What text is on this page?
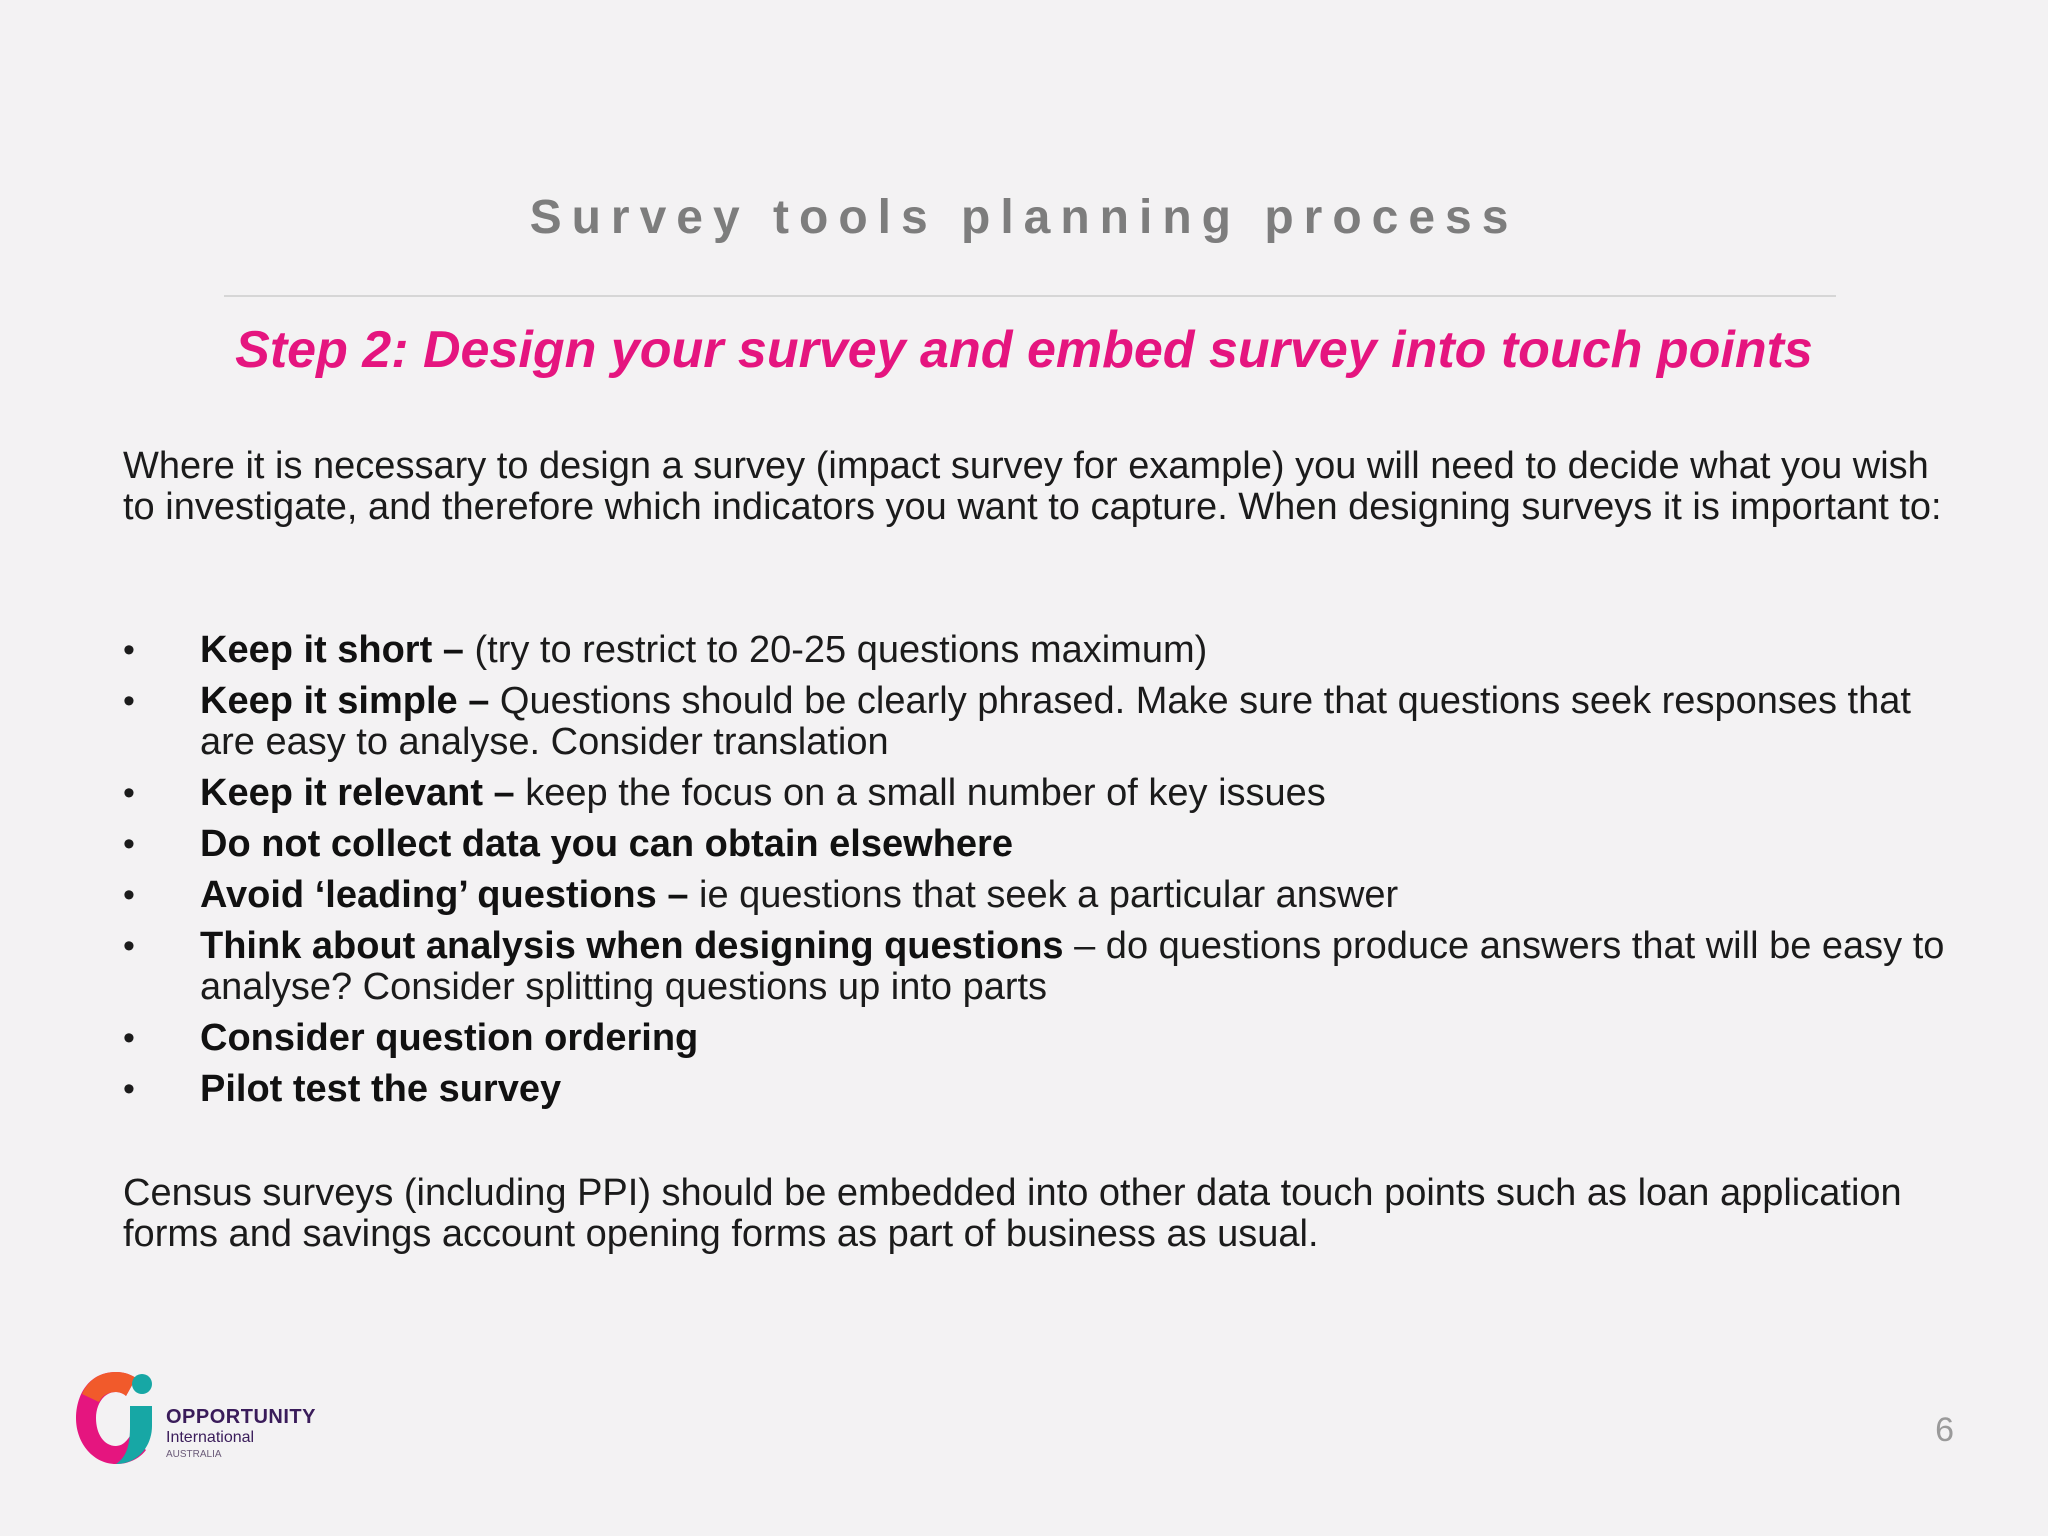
Survey tools planning process
Step 2: Design your survey and embed survey into touch points
Where it is necessary to design a survey (impact survey for example) you will need to decide what you wish to investigate, and therefore which indicators you want to capture. When designing surveys it is important to:
• Keep it short – (try to restrict to 20-25 questions maximum)
• Keep it simple – Questions should be clearly phrased. Make sure that questions seek responses that are easy to analyse. Consider translation
• Keep it relevant – keep the focus on a small number of key issues
• Do not collect data you can obtain elsewhere
• Avoid ‘leading’ questions – ie questions that seek a particular answer
• Think about analysis when designing questions – do questions produce answers that will be easy to analyse? Consider splitting questions up into parts
• Consider question ordering
• Pilot test the survey
Census surveys (including PPI) should be embedded into other data touch points such as loan application forms and savings account opening forms as part of business as usual.
OPPORTUNITY
International
AUSTRALIA
6
